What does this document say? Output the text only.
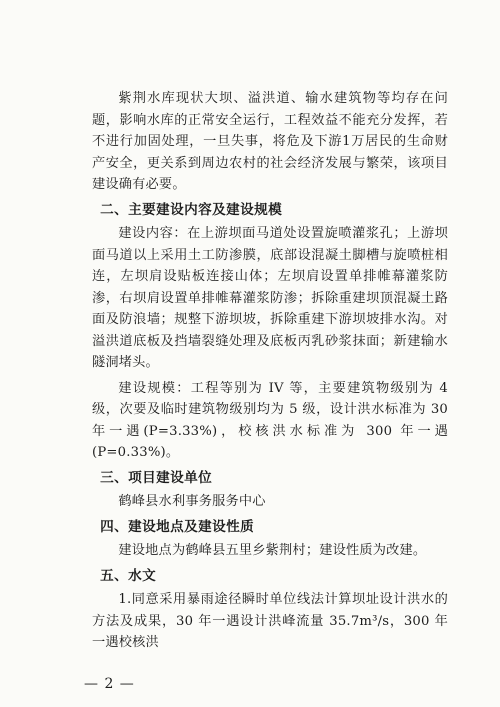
紫荆水库现状大坝、溢洪道、输水建筑物等均存在问题，影响水库的正常安全运行，工程效益不能充分发挥，若不进行加固处理，一旦失事，将危及下游1万居民的生命财产安全，更关系到周边农村的社会经济发展与繁荣，该项目建设确有必要。

二、主要建设内容及建设规模

建设内容：在上游坝面马道处设置旋喷灌浆孔；上游坝面马道以上采用土工防渗膜，底部设混凝土脚槽与旋喷桩相连，左坝肩设贴板连接山体；左坝肩设置单排帷幕灌浆防渗，右坝肩设置单排帷幕灌浆防渗；拆除重建坝顶混凝土路面及防浪墙；规整下游坝坡，拆除重建下游坝坡排水沟。对溢洪道底板及挡墙裂缝处理及底板丙乳砂浆抹面；新建输水隧洞堵头。

建设规模：工程等别为 IV 等，主要建筑物级别为 4 级，次要及临时建筑物级别均为 5 级，设计洪水标准为 30 年一遇(P=3.33%)，校核洪水标准为 300 年一遇(P=0.33%)。

三、项目建设单位

鹤峰县水利事务服务中心

四、建设地点及建设性质

建设地点为鹤峰县五里乡紫荆村；建设性质为改建。

五、水文

1.同意采用暴雨途径瞬时单位线法计算坝址设计洪水的方法及成果，30 年一遇设计洪峰流量 35.7m³/s，300 年一遇校核洪

— 2 —
